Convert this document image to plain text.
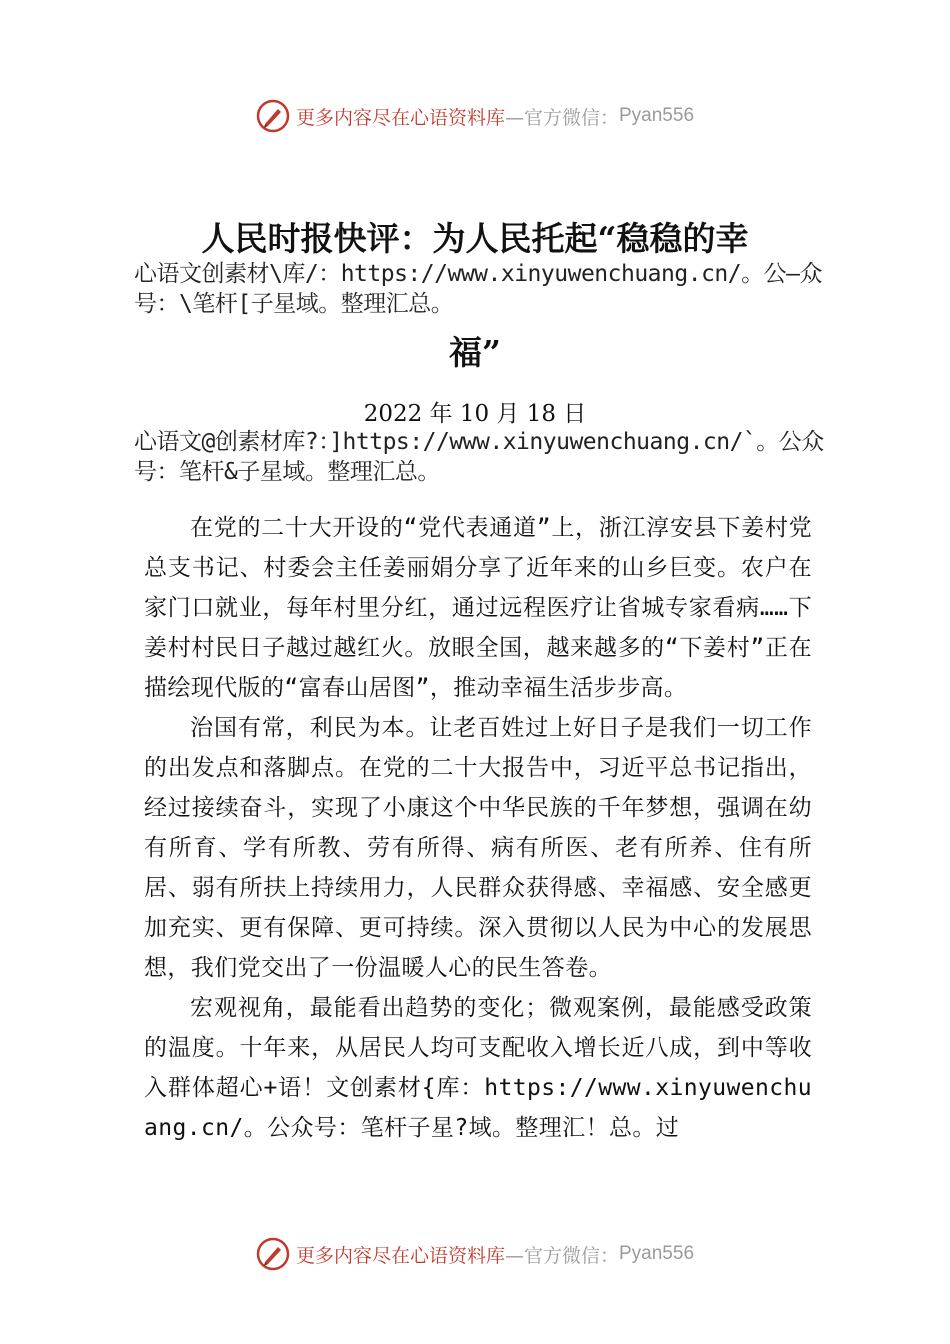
更多内容尽在心语资料库 —官方微信： Pyan556
人民时报快评：为人民托起“稳稳的幸
心语文创素材\库/：https://www.xinyuwenchuang.cn/。公—众号：\笔杆[子星域。整理汇总。
福”
2022 年 10 月 18 日
心语文@创素材库?：]https://www.xinyuwenchuang.cn/`。公众号：笔杆&子星域。整理汇总。

在党的二十大开设的“党代表通道”上，浙江淳安县下姜村党总支书记、村委会主任姜丽娟分享了近年来的山乡巨变。农户在家门口就业，每年村里分红，通过远程医疗让省城专家看病……下姜村村民日子越过越红火。放眼全国，越来越多的“下姜村”正在描绘现代版的“富春山居图”，推动幸福生活步步高。

治国有常，利民为本。让老百姓过上好日子是我们一切工作的出发点和落脚点。在党的二十大报告中，习近平总书记指出，经过接续奋斗，实现了小康这个中华民族的千年梦想，强调在幼有所育、学有所教、劳有所得、病有所医、老有所养、住有所居、弱有所扶上持续用力，人民群众获得感、幸福感、安全感更加充实、更有保障、更可持续。深入贯彻以人民为中心的发展思想，我们党交出了一份温暖人心的民生答卷。

宏观视角，最能看出趋势的变化；微观案例，最能感受政策的温度。十年来，从居民人均可支配收入增长近八成，到中等收入群体超心+语！文创素材{库：https://www.xinyuwenchuang.cn/。公众号：笔杆子星?域。整理汇！总。过

更多内容尽在心语资料库 —官方微信： Pyan556
